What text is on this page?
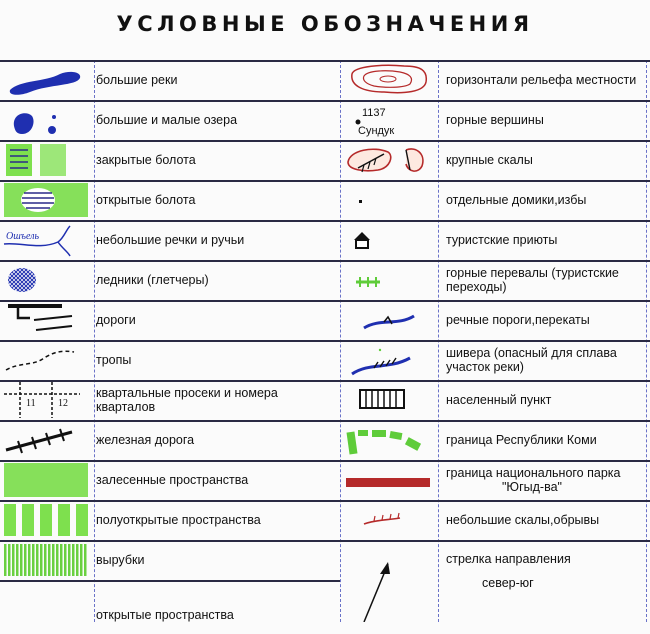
УСЛОВНЫЕ ОБОЗНАЧЕНИЯ
большие реки
большие и малые озера
закрытые болота
открытые болота
Ошъель	небольшие речки и ручьи
ледники (глетчеры)
дороги
тропы
11 12
квартальные просеки и номера кварталов
железная дорога
залесенные пространства
полуоткрытые пространства
вырубки
открытые пространства
горизонтали рельефа местности
1137
Сундук
горные вершины
крупные скалы
отдельные домики,избы
туристские приюты
горные перевалы (туристские переходы)
речные пороги,перекаты
шивера (опасный для сплава участок реки)
населенный пункт
граница Республики Коми
граница национального парка
"Югыд-ва"
небольшие скалы,обрывы
стрелка направления
север-юг
